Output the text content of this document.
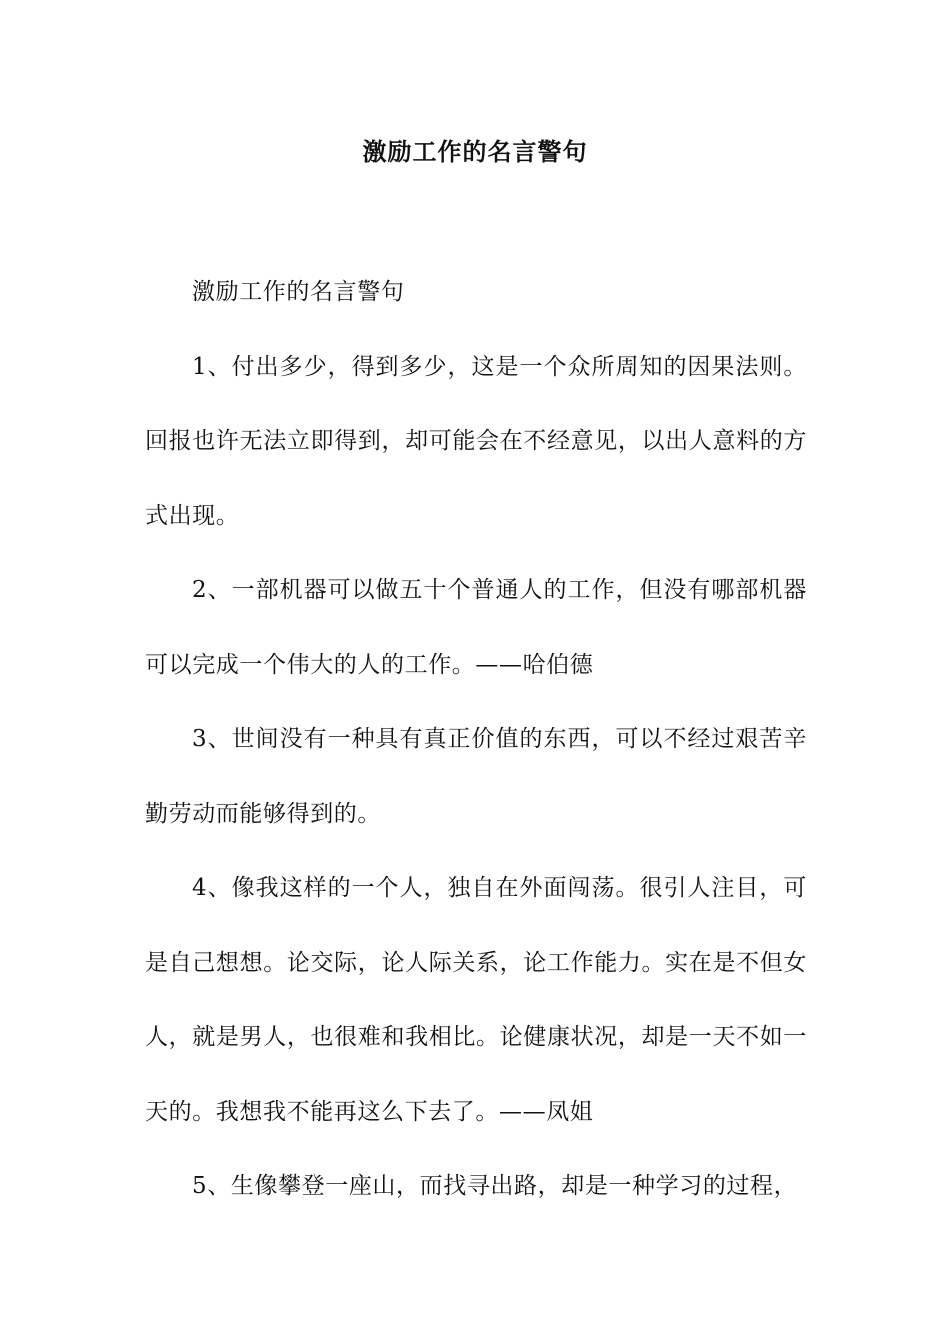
激励工作的名言警句

激励工作的名言警句

1、付出多少，得到多少，这是一个众所周知的因果法则。回报也许无法立即得到，却可能会在不经意见，以出人意料的方式出现。

2、一部机器可以做五十个普通人的工作，但没有哪部机器可以完成一个伟大的人的工作。——哈伯德

3、世间没有一种具有真正价值的东西，可以不经过艰苦辛勤劳动而能够得到的。

4、像我这样的一个人，独自在外面闯荡。很引人注目，可是自己想想。论交际，论人际关系，论工作能力。实在是不但女人，就是男人，也很难和我相比。论健康状况，却是一天不如一天的。我想我不能再这么下去了。——凤姐

5、生像攀登一座山，而找寻出路，却是一种学习的过程，
